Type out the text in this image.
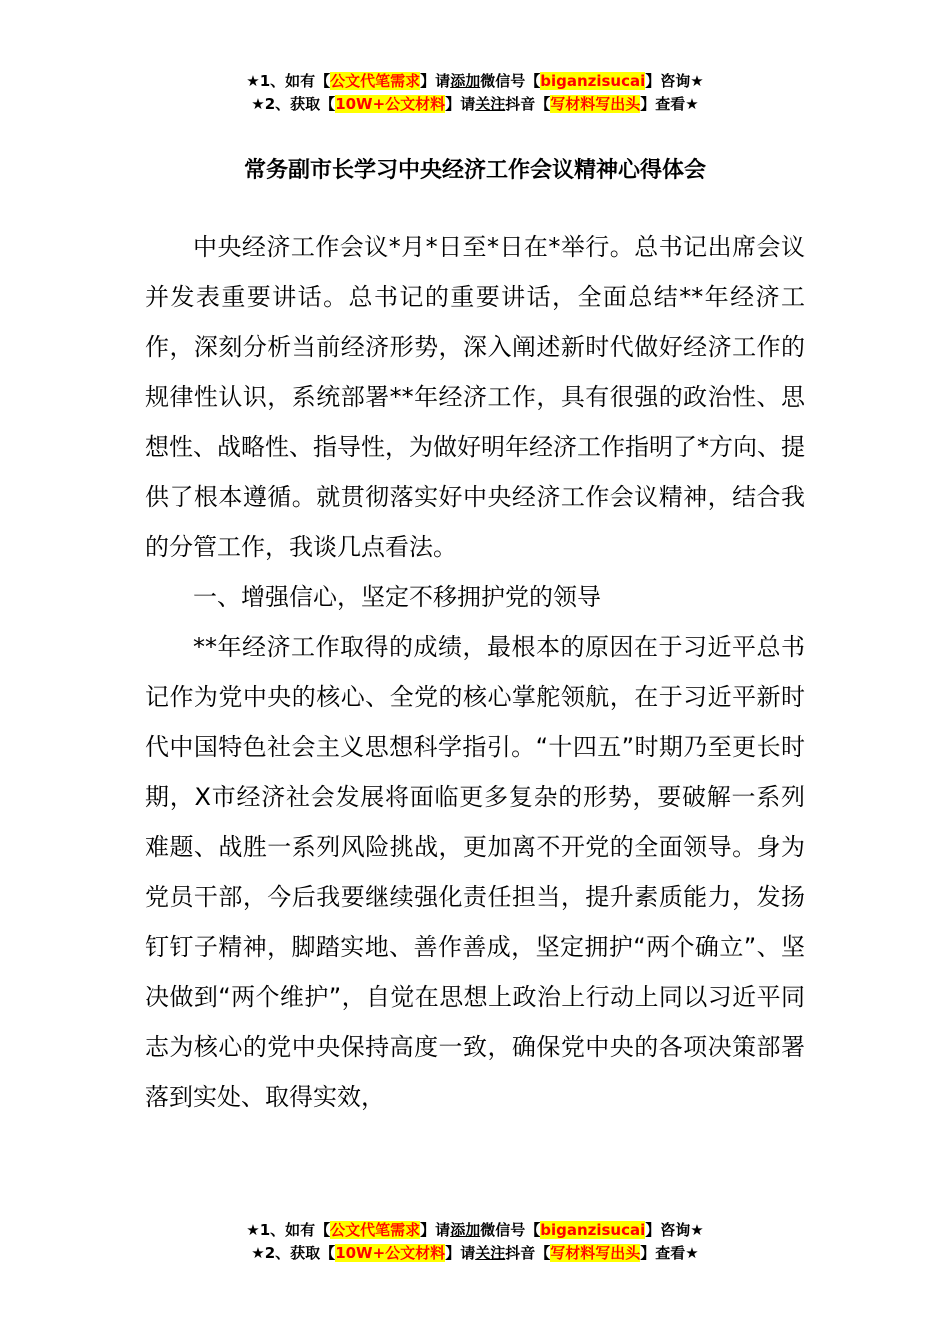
★1、如有【公文代笔需求】请添加微信号【biganzisucai】咨询★
★2、获取【10W+公文材料】请关注抖音【写材料写出头】查看★
常务副市长学习中央经济工作会议精神心得体会

中央经济工作会议*月*日至*日在*举行。总书记出席会议并发表重要讲话。总书记的重要讲话，全面总结**年经济工作，深刻分析当前经济形势，深入阐述新时代做好经济工作的规律性认识，系统部署**年经济工作，具有很强的政治性、思想性、战略性、指导性，为做好明年经济工作指明了*方向、提供了根本遵循。就贯彻落实好中央经济工作会议精神，结合我的分管工作，我谈几点看法。

一、增强信心，坚定不移拥护党的领导

**年经济工作取得的成绩，最根本的原因在于习近平总书记作为党中央的核心、全党的核心掌舵领航，在于习近平新时代中国特色社会主义思想科学指引。“十四五”时期乃至更长时期，X市经济社会发展将面临更多复杂的形势，要破解一系列难题、战胜一系列风险挑战，更加离不开党的全面领导。身为党员干部，今后我要继续强化责任担当，提升素质能力，发扬钉钉子精神，脚踏实地、善作善成，坚定拥护“两个确立”、坚决做到“两个维护”，自觉在思想上政治上行动上同以习近平同志为核心的党中央保持高度一致，确保党中央的各项决策部署落到实处、取得实效，

★1、如有【公文代笔需求】请添加微信号【biganzisucai】咨询★
★2、获取【10W+公文材料】请关注抖音【写材料写出头】查看★
